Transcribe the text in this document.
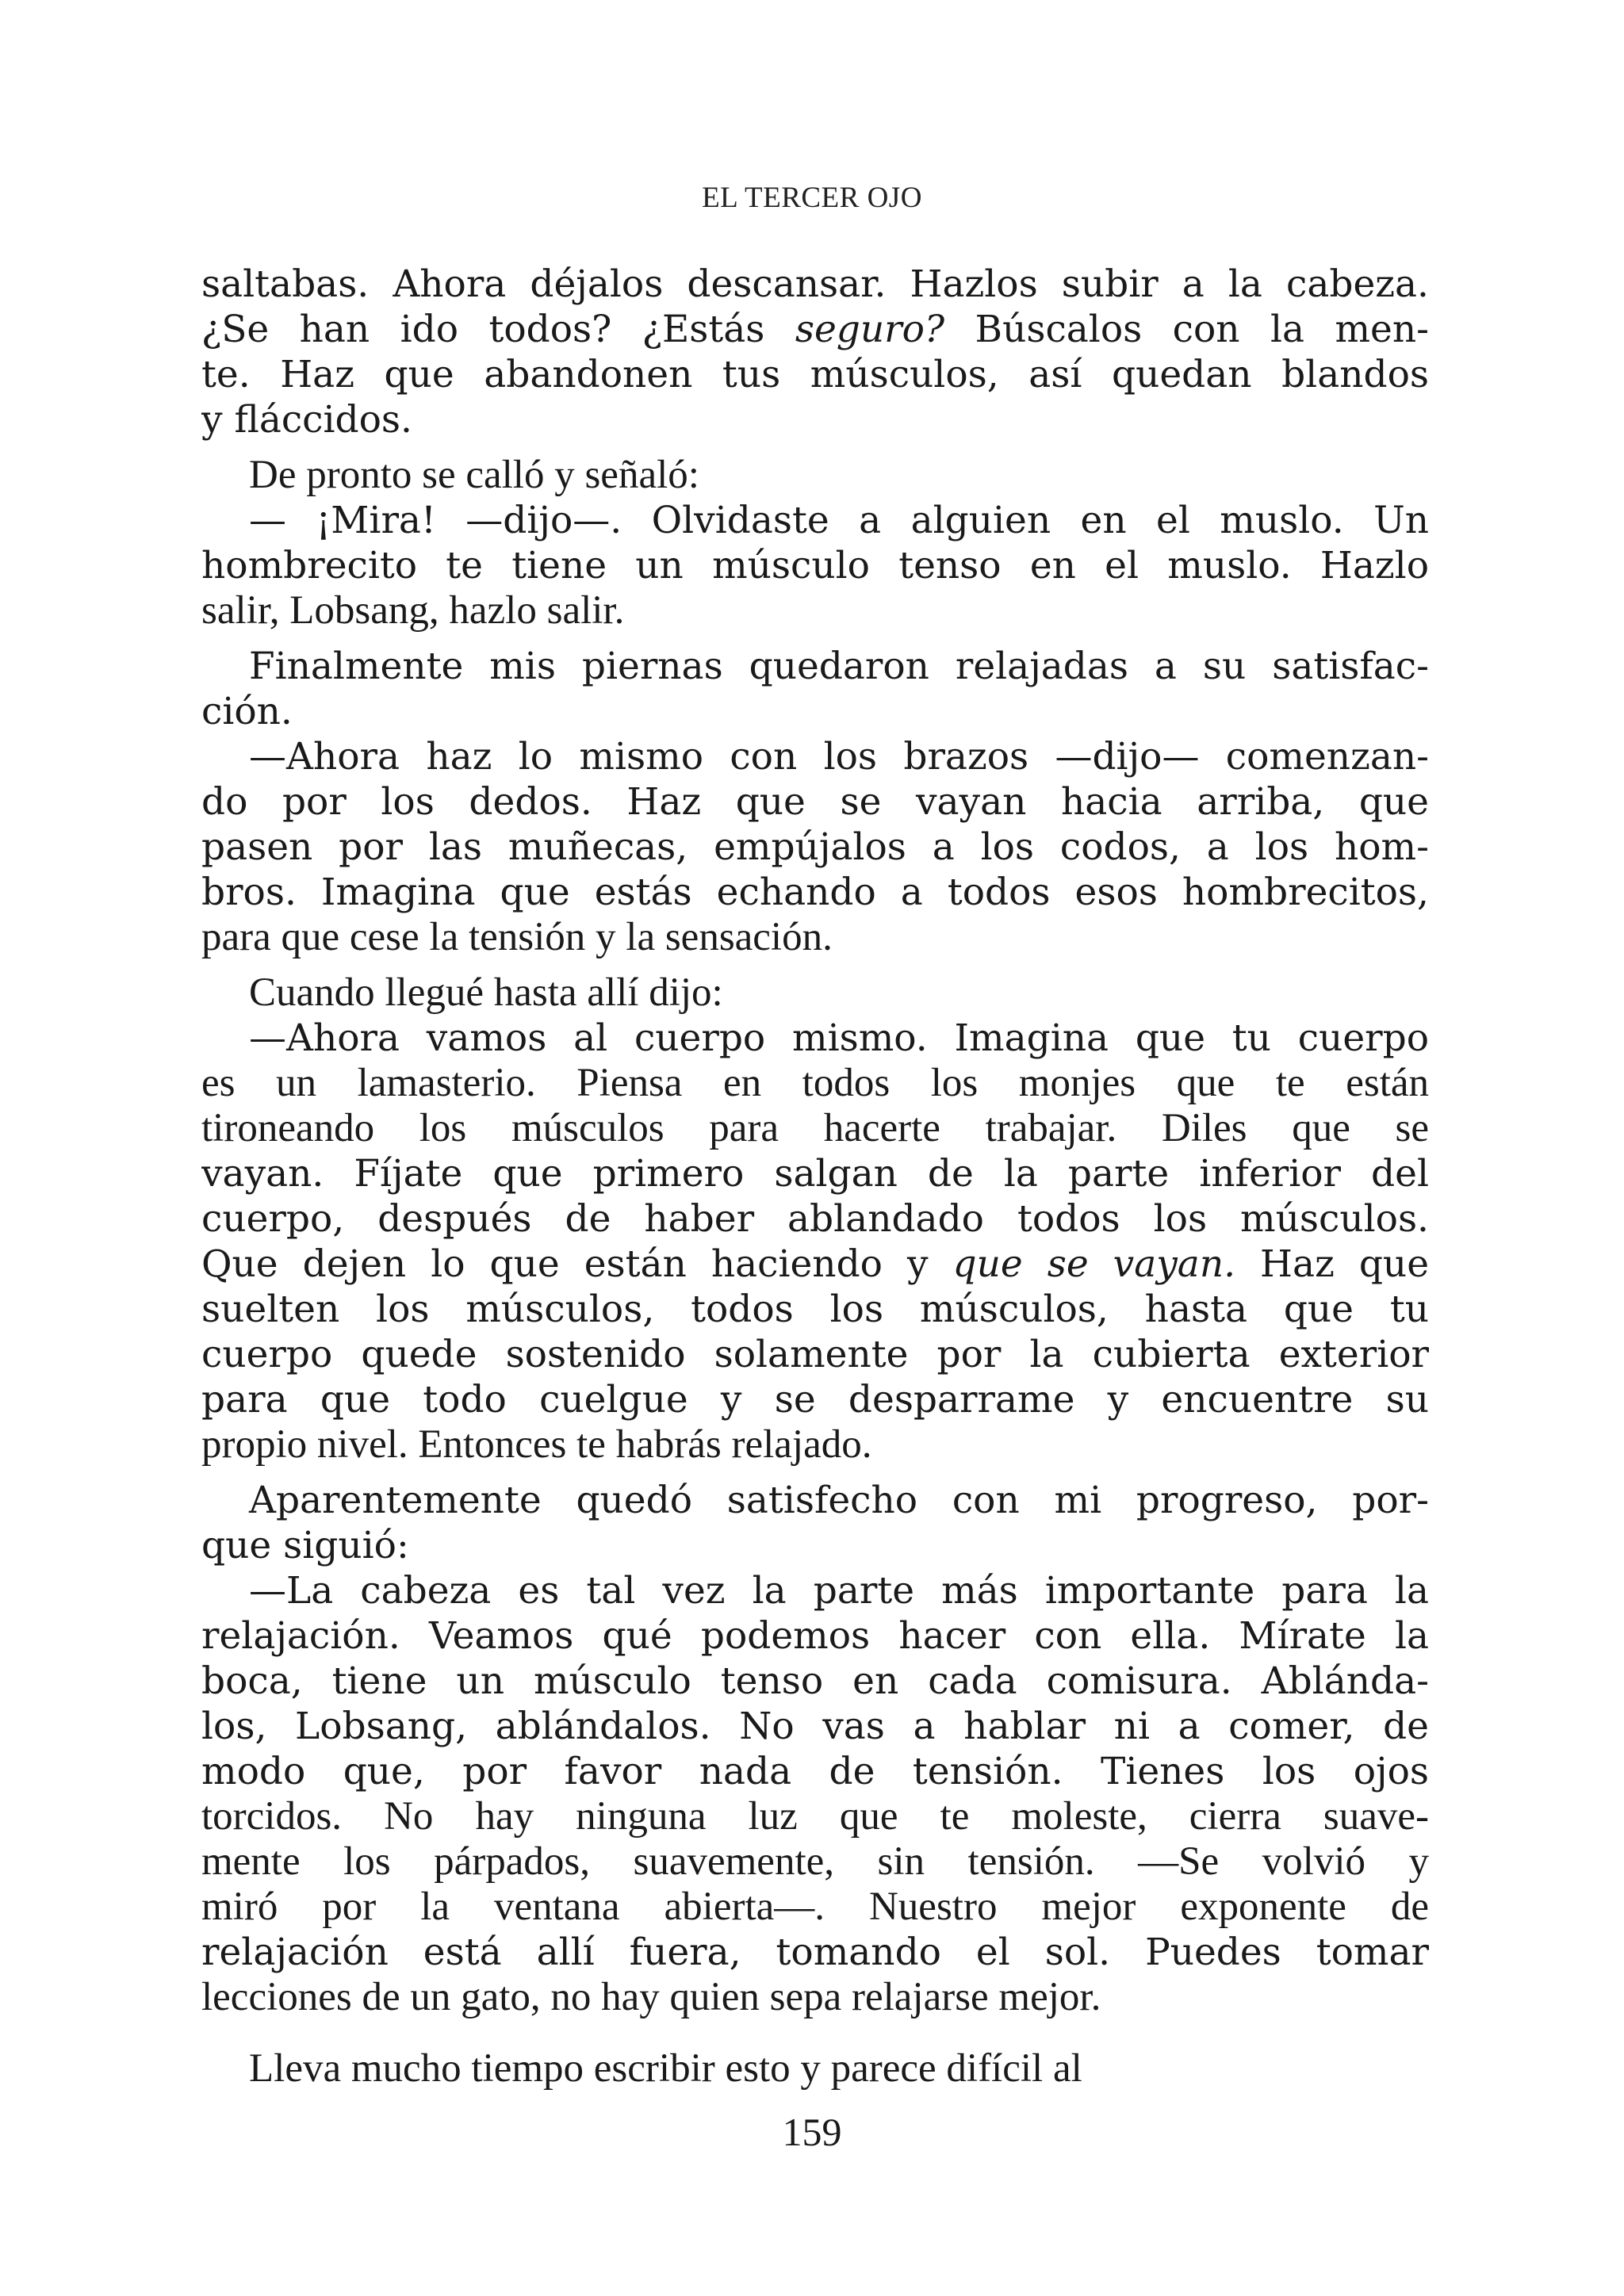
EL TERCER OJO
saltabas. Ahora déjalos descansar. Hazlos subir a la cabeza.
¿Se han ido todos? ¿Estás seguro? Búscalos con la men-
te. Haz que abandonen tus músculos, así quedan blandos
y fláccidos.
De pronto se calló y señaló:
— ¡Mira! —dijo—. Olvidaste a alguien en el muslo. Un
hombrecito te tiene un músculo tenso en el muslo. Hazlo
salir, Lobsang, hazlo salir.
Finalmente mis piernas quedaron relajadas a su satisfac-
ción.
—Ahora haz lo mismo con los brazos —dijo— comenzan-
do por los dedos. Haz que se vayan hacia arriba, que
pasen por las muñecas, empújalos a los codos, a los hom-
bros. Imagina que estás echando a todos esos hombrecitos,
para que cese la tensión y la sensación.
Cuando llegué hasta allí dijo:
—Ahora vamos al cuerpo mismo. Imagina que tu cuerpo
es un lamasterio. Piensa en todos los monjes que te están
tironeando los músculos para hacerte trabajar. Diles que se
vayan. Fíjate que primero salgan de la parte inferior del
cuerpo, después de haber ablandado todos los músculos.
Que dejen lo que están haciendo y que se vayan. Haz que
suelten los músculos, todos los músculos, hasta que tu
cuerpo quede sostenido solamente por la cubierta exterior
para que todo cuelgue y se desparrame y encuentre su
propio nivel. Entonces te habrás relajado.
Aparentemente quedó satisfecho con mi progreso, por-
que siguió:
—La cabeza es tal vez la parte más importante para la
relajación. Veamos qué podemos hacer con ella. Mírate la
boca, tiene un músculo tenso en cada comisura. Ablánda-
los, Lobsang, ablándalos. No vas a hablar ni a comer, de
modo que, por favor nada de tensión. Tienes los ojos
torcidos. No hay ninguna luz que te moleste, cierra suave-
mente los párpados, suavemente, sin tensión. —Se volvió y
miró por la ventana abierta—. Nuestro mejor exponente de
relajación está allí fuera, tomando el sol. Puedes tomar
lecciones de un gato, no hay quien sepa relajarse mejor.
Lleva mucho tiempo escribir esto y parece difícil al
159
